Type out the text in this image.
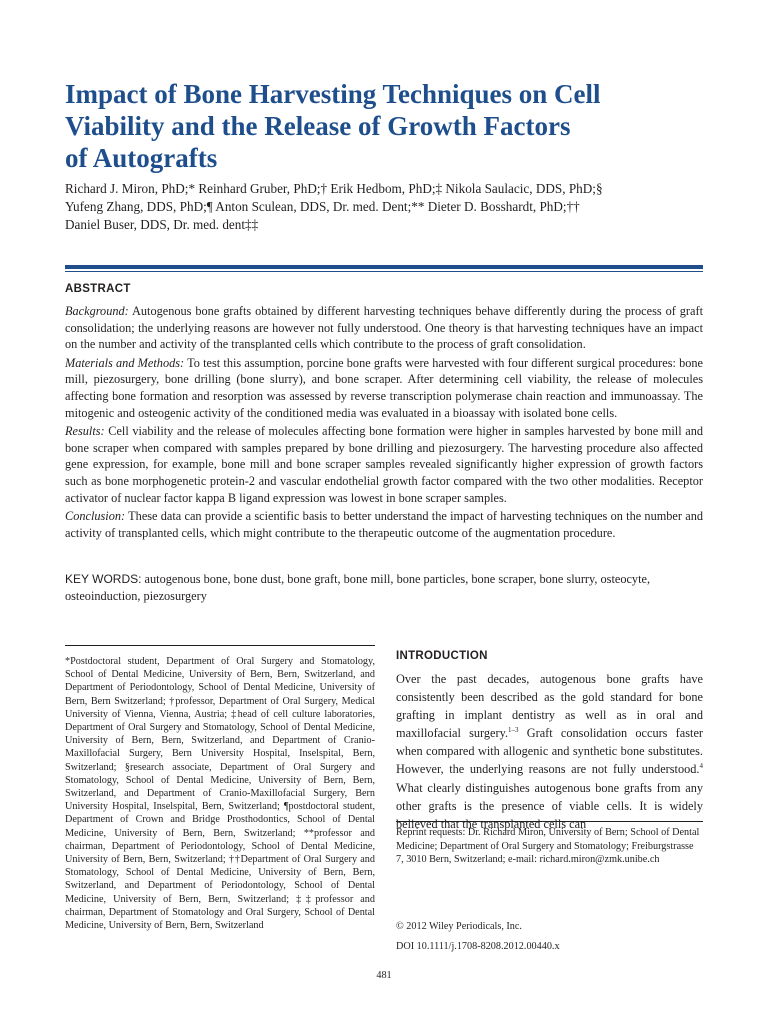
Impact of Bone Harvesting Techniques on Cell
Viability and the Release of Growth Factors
of Autografts
Richard J. Miron, PhD;* Reinhard Gruber, PhD;† Erik Hedbom, PhD;‡ Nikola Saulacic, DDS, PhD;§
Yufeng Zhang, DDS, PhD;¶ Anton Sculean, DDS, Dr. med. Dent;** Dieter D. Bosshardt, PhD;††
Daniel Buser, DDS, Dr. med. dent‡‡
ABSTRACT

Background: Autogenous bone grafts obtained by different harvesting techniques behave differently during the process of graft consolidation; the underlying reasons are however not fully understood. One theory is that harvesting techniques have an impact on the number and activity of the transplanted cells which contribute to the process of graft consolidation.

Materials and Methods: To test this assumption, porcine bone grafts were harvested with four different surgical procedures: bone mill, piezosurgery, bone drilling (bone slurry), and bone scraper. After determining cell viability, the release of molecules affecting bone formation and resorption was assessed by reverse transcription polymerase chain reaction and immunoassay. The mitogenic and osteogenic activity of the conditioned media was evaluated in a bioassay with isolated bone cells.

Results: Cell viability and the release of molecules affecting bone formation were higher in samples harvested by bone mill and bone scraper when compared with samples prepared by bone drilling and piezosurgery. The harvesting procedure also affected gene expression, for example, bone mill and bone scraper samples revealed significantly higher expression of growth factors such as bone morphogenetic protein-2 and vascular endothelial growth factor compared with the two other modalities. Receptor activator of nuclear factor kappa B ligand expression was lowest in bone scraper samples.

Conclusion: These data can provide a scientific basis to better understand the impact of harvesting techniques on the number and activity of transplanted cells, which might contribute to the therapeutic outcome of the augmentation procedure.

KEY WORDS: autogenous bone, bone dust, bone graft, bone mill, bone particles, bone scraper, bone slurry, osteocyte, osteoinduction, piezosurgery
*Postdoctoral student, Department of Oral Surgery and Stomatology, School of Dental Medicine, University of Bern, Bern, Switzerland, and Department of Periodontology, School of Dental Medicine, University of Bern, Bern Switzerland; †professor, Department of Oral Surgery, Medical University of Vienna, Vienna, Austria; ‡head of cell culture laboratories, Department of Oral Surgery and Stomatology, School of Dental Medicine, University of Bern, Bern, Switzerland, and Department of Cranio-Maxillofacial Surgery, Bern University Hospital, Inselspital, Bern, Switzerland; §research associate, Department of Oral Surgery and Stomatology, School of Dental Medicine, University of Bern, Bern, Switzerland, and Department of Cranio-Maxillofacial Surgery, Bern University Hospital, Inselspital, Bern, Switzerland; ¶postdoctoral student, Department of Crown and Bridge Prosthodontics, School of Dental Medicine, University of Bern, Bern, Switzerland; **professor and chairman, Department of Periodontology, School of Dental Medicine, University of Bern, Bern, Switzerland; ††Department of Oral Surgery and Stomatology, School of Dental Medicine, University of Bern, Bern, Switzerland, and Department of Periodontology, School of Dental Medicine, University of Bern, Bern, Switzerland; ‡‡professor and chairman, Department of Stomatology and Oral Surgery, School of Dental Medicine, University of Bern, Bern, Switzerland
INTRODUCTION

Over the past decades, autogenous bone grafts have consistently been described as the gold standard for bone grafting in implant dentistry as well as in oral and maxillofacial surgery.$^{1-3}$ Graft consolidation occurs faster when compared with allogenic and synthetic bone substitutes. However, the underlying reasons are not fully understood.$^4$ What clearly distinguishes autogenous bone grafts from any other grafts is the presence of viable cells. It is widely believed that the transplanted cells can

Reprint requests: Dr. Richard Miron, University of Bern; School of Dental Medicine; Department of Oral Surgery and Stomatology; Freiburgstrasse 7, 3010 Bern, Switzerland; e-mail: richard.miron@zmk.unibe.ch
© 2012 Wiley Periodicals, Inc.
DOI 10.1111/j.1708-8208.2012.00440.x
481
